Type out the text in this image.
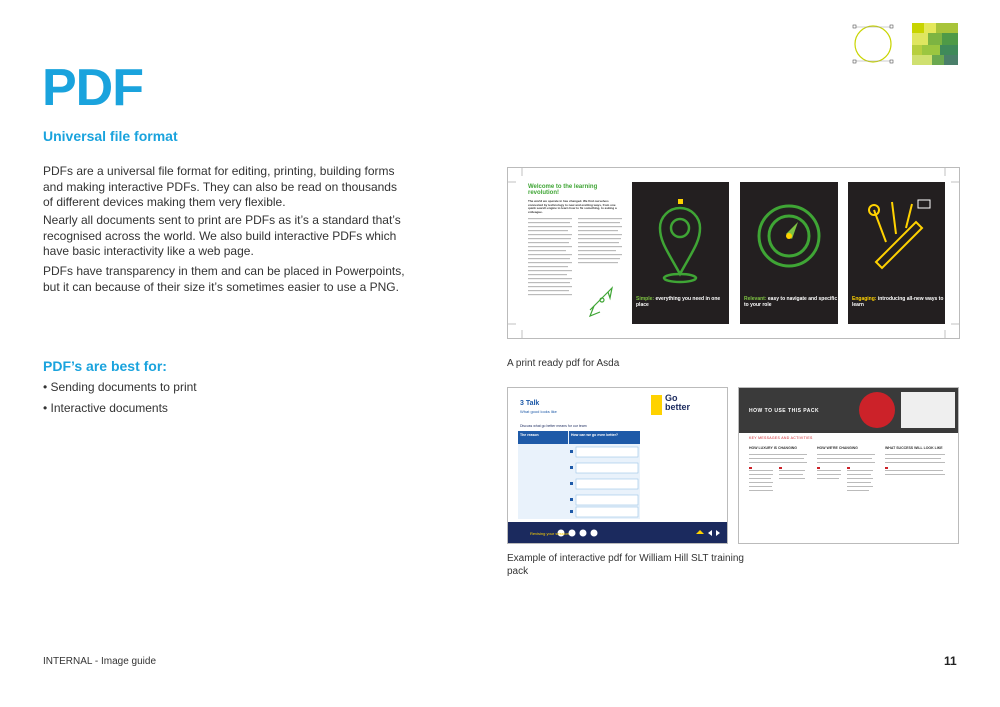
PDF
Universal file format

PDFs are a universal file format for editing, printing, building forms and making interactive PDFs. They can also be read on thousands of different devices making them very flexible.

Nearly all documents sent to print are PDFs as it’s a standard that’s recognised across the world. We also build interactive PDFs which have basic interactivity like a web page.

PDFs have transparency in them and can be placed in Powerpoints, but it can because of their size it’s sometimes easier to use a PNG.

PDF’s are best for:
• Sending documents to print
• Interactive documents
Welcome to the learning revolution!
The world we operate in has changed. We find ourselves connected by technology to new and exciting ways, from one quick search engine to learn how to fix something, to asking a colleague.
Simple: everything you need in one place
Relevant: easy to navigate and specific to your role
Engaging: introducing all-new ways to learn
A print ready pdf for Asda
3 Talk
What good looks like
Go
better
Discuss what go better means for our team
The reason	How can we go even better?
Revising your session
Example of interactive pdf for William Hill SLT training pack
HOW TO USE THIS PACK
KEY MESSAGES AND ACTIVITIES
HOW LUXURY IS CHANGING	HOW WE'RE CHANGING	WHAT SUCCESS WILL LOOK LIKE
INTERNAL - Image guide	11
